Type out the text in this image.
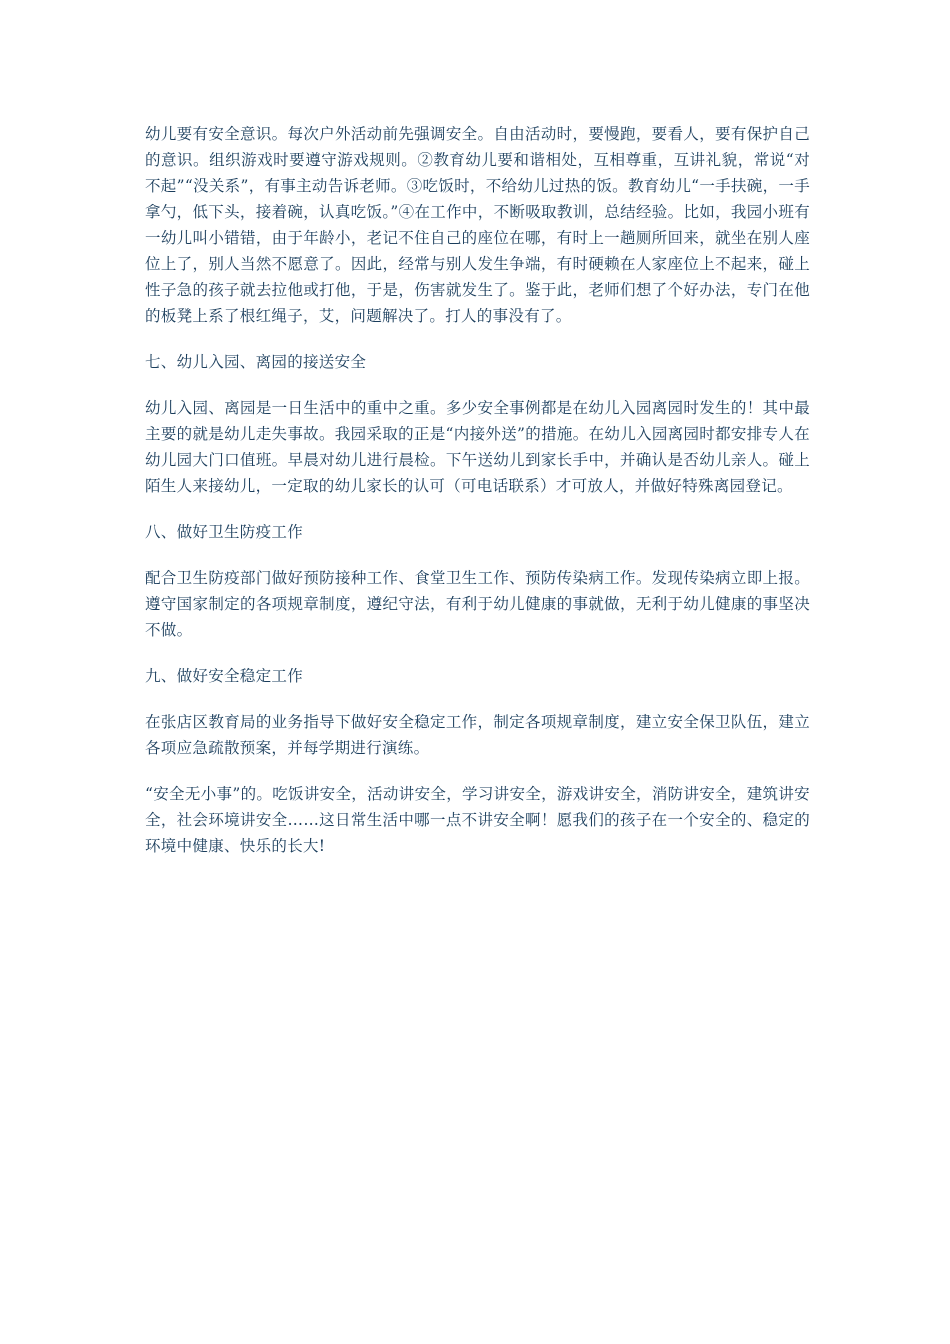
幼儿要有安全意识。每次户外活动前先强调安全。自由活动时，要慢跑，要看人，要有保护自己的意识。组织游戏时要遵守游戏规则。②教育幼儿要和谐相处，互相尊重，互讲礼貌，常说“对不起”“没关系”，有事主动告诉老师。③吃饭时，不给幼儿过热的饭。教育幼儿“一手扶碗，一手拿勺，低下头，接着碗，认真吃饭。”④在工作中，不断吸取教训，总结经验。比如，我园小班有一幼儿叫小错错，由于年龄小，老记不住自己的座位在哪，有时上一趟厕所回来，就坐在别人座位上了，别人当然不愿意了。因此，经常与别人发生争端，有时硬赖在人家座位上不起来，碰上性子急的孩子就去拉他或打他，于是，伤害就发生了。鉴于此，老师们想了个好办法，专门在他的板凳上系了根红绳子，艾，问题解决了。打人的事没有了。

七、幼儿入园、离园的接送安全

幼儿入园、离园是一日生活中的重中之重。多少安全事例都是在幼儿入园离园时发生的！其中最主要的就是幼儿走失事故。我园采取的正是“内接外送”的措施。在幼儿入园离园时都安排专人在幼儿园大门口值班。早晨对幼儿进行晨检。下午送幼儿到家长手中，并确认是否幼儿亲人。碰上陌生人来接幼儿，一定取的幼儿家长的认可（可电话联系）才可放人，并做好特殊离园登记。

八、做好卫生防疫工作

配合卫生防疫部门做好预防接种工作、食堂卫生工作、预防传染病工作。发现传染病立即上报。遵守国家制定的各项规章制度，遵纪守法，有利于幼儿健康的事就做，无利于幼儿健康的事坚决不做。

九、做好安全稳定工作

在张店区教育局的业务指导下做好安全稳定工作，制定各项规章制度，建立安全保卫队伍，建立各项应急疏散预案，并每学期进行演练。

“安全无小事”的。吃饭讲安全，活动讲安全，学习讲安全，游戏讲安全，消防讲安全，建筑讲安全，社会环境讲安全……这日常生活中哪一点不讲安全啊！愿我们的孩子在一个安全的、稳定的环境中健康、快乐的长大!
